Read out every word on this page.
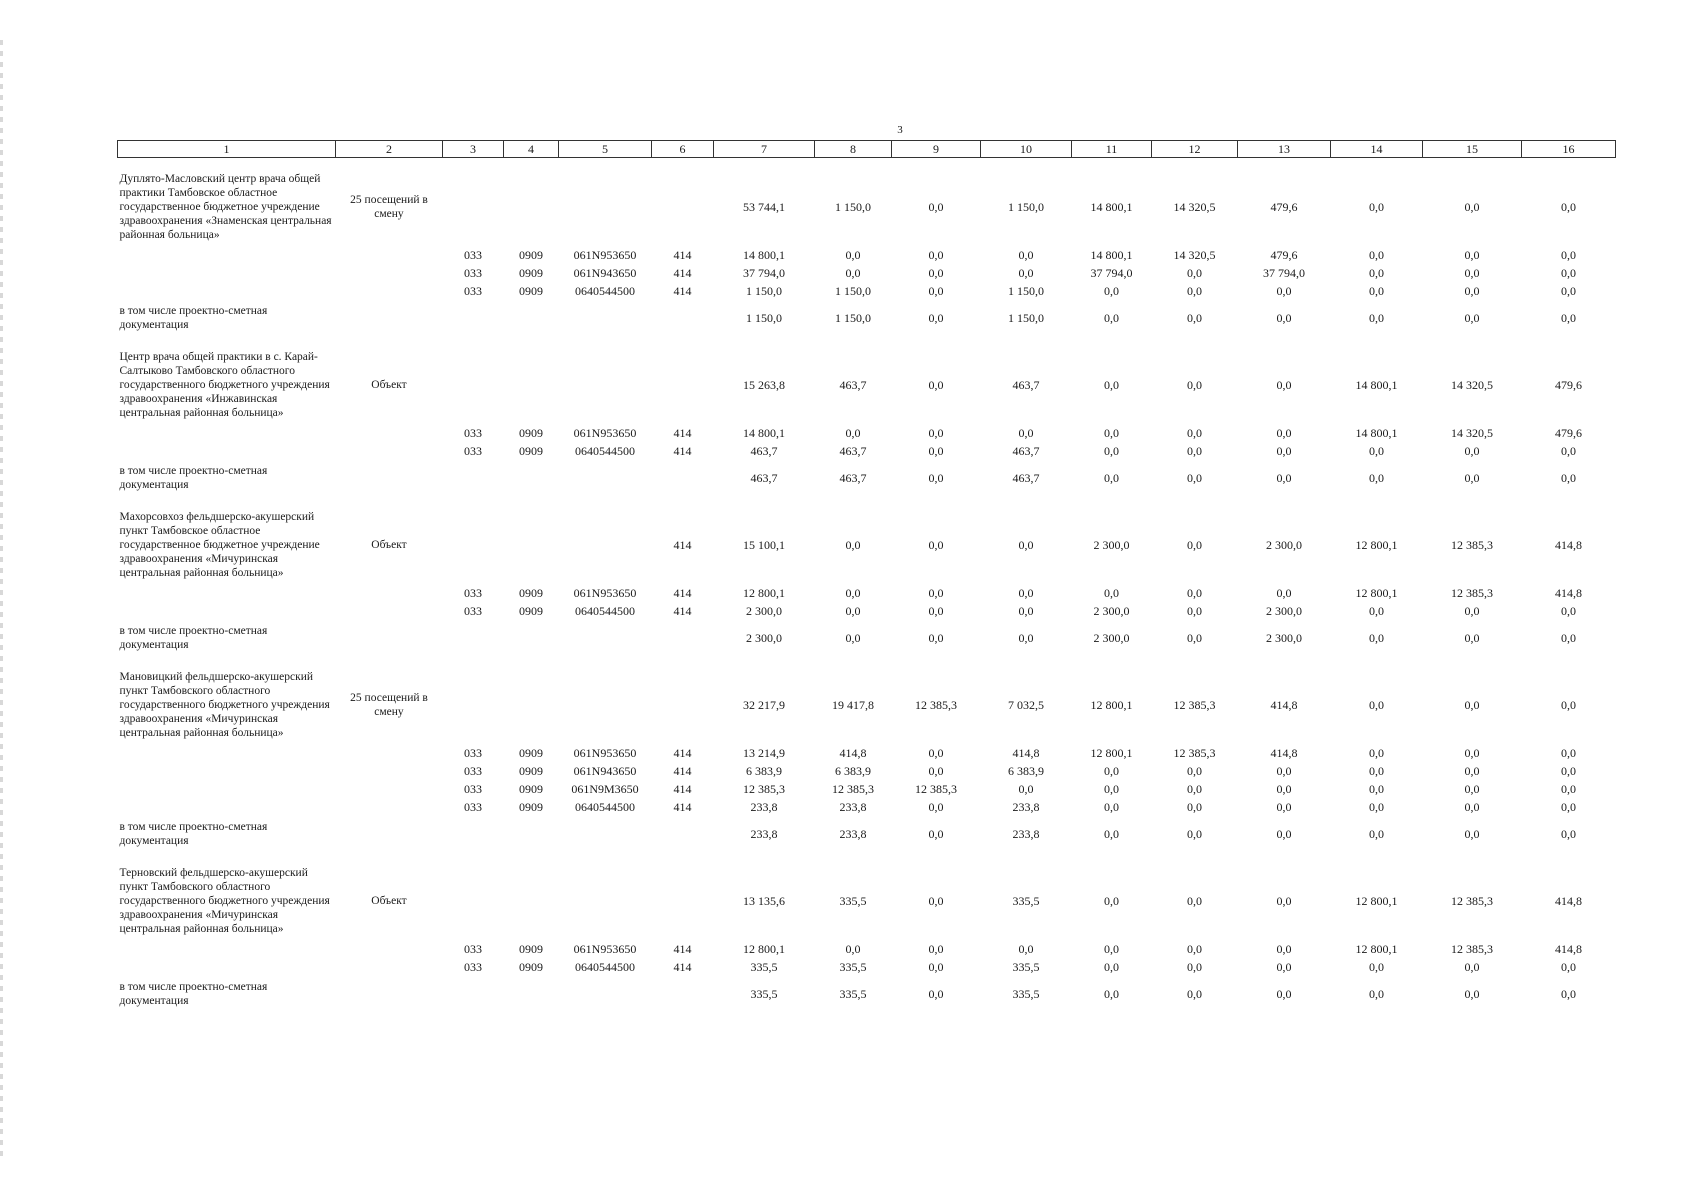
3
1	2	3	4	5	6	7	8	9	10	11	12	13	14	15	16
Дуплято-Масловский центр врача общей практики Тамбовское областное государственное бюджетное учреждение здравоохранения «Знаменская центральная районная больница»	25 посещений в смену					53 744,1	1 150,0	0,0	1 150,0	14 800,1	14 320,5	479,6	0,0	0,0	0,0
		033	0909	061N953650	414	14 800,1	0,0	0,0	0,0	14 800,1	14 320,5	479,6	0,0	0,0	0,0
		033	0909	061N943650	414	37 794,0	0,0	0,0	0,0	37 794,0	0,0	37 794,0	0,0	0,0	0,0
		033	0909	0640544500	414	1 150,0	1 150,0	0,0	1 150,0	0,0	0,0	0,0	0,0	0,0	0,0
в том числе проектно-сметная документация						1 150,0	1 150,0	0,0	1 150,0	0,0	0,0	0,0	0,0	0,0	0,0
Центр врача общей практики в с. Карай-Салтыково Тамбовского областного государственного бюджетного учреждения здравоохранения «Инжавинская центральная районная больница»	Объект					15 263,8	463,7	0,0	463,7	0,0	0,0	0,0	14 800,1	14 320,5	479,6
		033	0909	061N953650	414	14 800,1	0,0	0,0	0,0	0,0	0,0	0,0	14 800,1	14 320,5	479,6
		033	0909	0640544500	414	463,7	463,7	0,0	463,7	0,0	0,0	0,0	0,0	0,0	0,0
в том числе проектно-сметная документация						463,7	463,7	0,0	463,7	0,0	0,0	0,0	0,0	0,0	0,0
Махорсовхоз фельдшерско-акушерский пункт Тамбовское областное государственное бюджетное учреждение здравоохранения «Мичуринская центральная районная больница»	Объект				414	15 100,1	0,0	0,0	0,0	2 300,0	0,0	2 300,0	12 800,1	12 385,3	414,8
		033	0909	061N953650	414	12 800,1	0,0	0,0	0,0	0,0	0,0	0,0	12 800,1	12 385,3	414,8
		033	0909	0640544500	414	2 300,0	0,0	0,0	0,0	2 300,0	0,0	2 300,0	0,0	0,0	0,0
в том числе проектно-сметная документация						2 300,0	0,0	0,0	0,0	2 300,0	0,0	2 300,0	0,0	0,0	0,0
Мановицкий фельдшерско-акушерский пункт Тамбовского областного государственного бюджетного учреждения здравоохранения «Мичуринская центральная районная больница»	25 посещений в смену					32 217,9	19 417,8	12 385,3	7 032,5	12 800,1	12 385,3	414,8	0,0	0,0	0,0
		033	0909	061N953650	414	13 214,9	414,8	0,0	414,8	12 800,1	12 385,3	414,8	0,0	0,0	0,0
		033	0909	061N943650	414	6 383,9	6 383,9	0,0	6 383,9	0,0	0,0	0,0	0,0	0,0	0,0
		033	0909	061N9M3650	414	12 385,3	12 385,3	12 385,3	0,0	0,0	0,0	0,0	0,0	0,0	0,0
		033	0909	0640544500	414	233,8	233,8	0,0	233,8	0,0	0,0	0,0	0,0	0,0	0,0
в том числе проектно-сметная документация						233,8	233,8	0,0	233,8	0,0	0,0	0,0	0,0	0,0	0,0
Терновский фельдшерско-акушерский пункт Тамбовского областного государственного бюджетного учреждения здравоохранения «Мичуринская центральная районная больница»	Объект					13 135,6	335,5	0,0	335,5	0,0	0,0	0,0	12 800,1	12 385,3	414,8
		033	0909	061N953650	414	12 800,1	0,0	0,0	0,0	0,0	0,0	0,0	12 800,1	12 385,3	414,8
		033	0909	0640544500	414	335,5	335,5	0,0	335,5	0,0	0,0	0,0	0,0	0,0	0,0
в том числе проектно-сметная документация						335,5	335,5	0,0	335,5	0,0	0,0	0,0	0,0	0,0	0,0
